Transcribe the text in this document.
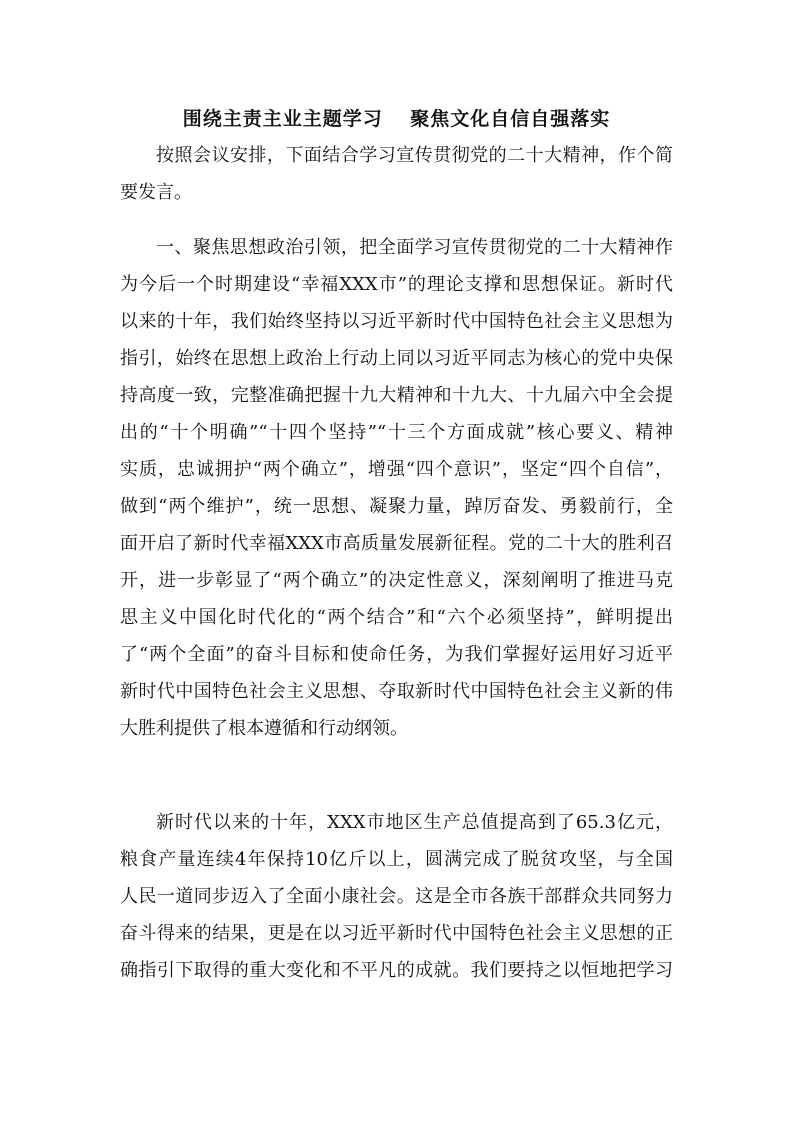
围绕主责主业主题学习　 聚焦文化自信自强落实
按照会议安排，下面结合学习宣传贯彻党的二十大精神，作个简
要发言。
一、聚焦思想政治引领，把全面学习宣传贯彻党的二十大精神作
为今后一个时期建设“幸福XXX市”的理论支撑和思想保证。新时代
以来的十年，我们始终坚持以习近平新时代中国特色社会主义思想为
指引，始终在思想上政治上行动上同以习近平同志为核心的党中央保
持高度一致，完整准确把握十九大精神和十九大、十九届六中全会提
出的“十个明确”“十四个坚持”“十三个方面成就”核心要义、精神
实质，忠诚拥护“两个确立”，增强“四个意识”，坚定“四个自信”，
做到“两个维护”，统一思想、凝聚力量，踔厉奋发、勇毅前行，全
面开启了新时代幸福XXX市高质量发展新征程。党的二十大的胜利召
开，进一步彰显了“两个确立”的决定性意义，深刻阐明了推进马克
思主义中国化时代化的“两个结合”和“六个必须坚持”，鲜明提出
了“两个全面”的奋斗目标和使命任务，为我们掌握好运用好习近平
新时代中国特色社会主义思想、夺取新时代中国特色社会主义新的伟
大胜利提供了根本遵循和行动纲领。
新时代以来的十年，XXX市地区生产总值提高到了65.3亿元，
粮食产量连续4年保持10亿斤以上，圆满完成了脱贫攻坚，与全国
人民一道同步迈入了全面小康社会。这是全市各族干部群众共同努力
奋斗得来的结果，更是在以习近平新时代中国特色社会主义思想的正
确指引下取得的重大变化和不平凡的成就。我们要持之以恒地把学习
